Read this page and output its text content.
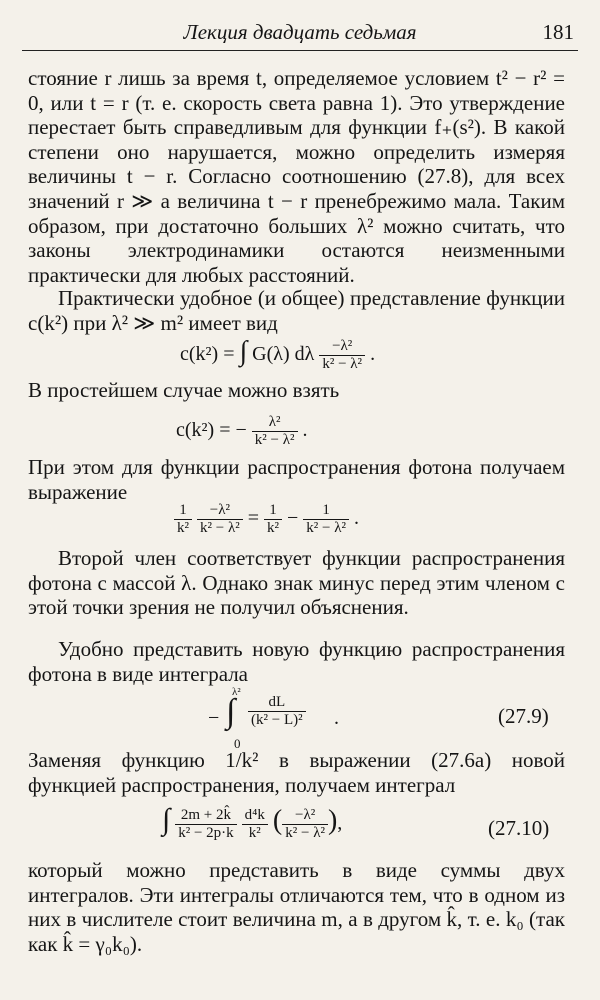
Лекция двадцать седьмая	181

стояние r лишь за время t, определяемое условием t² − r² = 0, или t = r (т. е. скорость света равна 1). Это утверждение перестает быть справедливым для функции f₊(s²). В какой степени оно нарушается, можно определить измеряя величины t − r. Согласно соотношению (27.8), для всех значений r ≫ a величина t − r пренебрежимо мала. Таким образом, при достаточно больших λ² можно считать, что законы электродинамики остаются неизменными практически для любых расстояний.

Практически удобное (и общее) представление функции c(k²) при λ² ≫ m² имеет вид

c(k²) = ∫ G(λ) dλ $\frac{\text{−λ²}}{\text{k² − λ²}}$ .

В простейшем случае можно взять

c(k²) = − $\frac{\text{λ²}}{\text{k² − λ²}}$ .

При этом для функции распространения фотона получаем выражение

$\frac{1}{\text{k²}}$
$\frac{\text{−λ²}}{\text{k² − λ²}} = \frac{1}{\text{k²}} - \frac{1}{\text{k² − λ²}}$ .

Второй член соответствует функции распространения фотона с массой λ. Однако знак минус перед этим членом с этой точки зрения не получил объяснения.

Удобно представить новую функцию распространения фотона в виде интеграла

λ²
0
− ∫ $\frac{dL}{\text{(k² − L)²}}$ .	(27.9)

Заменяя функцию 1/k² в выражении (27.6a) новой функцией распространения, получаем интеграл

∫ $\frac{2m + 2k̂}{\text{k² − 2p·k}}$
$\frac{\text{d⁴k}}{\text{k²}}$ ( $\frac{\text{−λ²}}{\text{k² − λ²}}$ ),	(27.10)

который можно представить в виде суммы двух интегралов. Эти интегралы отличаются тем, что в одном из них в числителе стоит величина m, а в другом k̂, т. е. k₀ (так как k̂ = γ₀k₀).
